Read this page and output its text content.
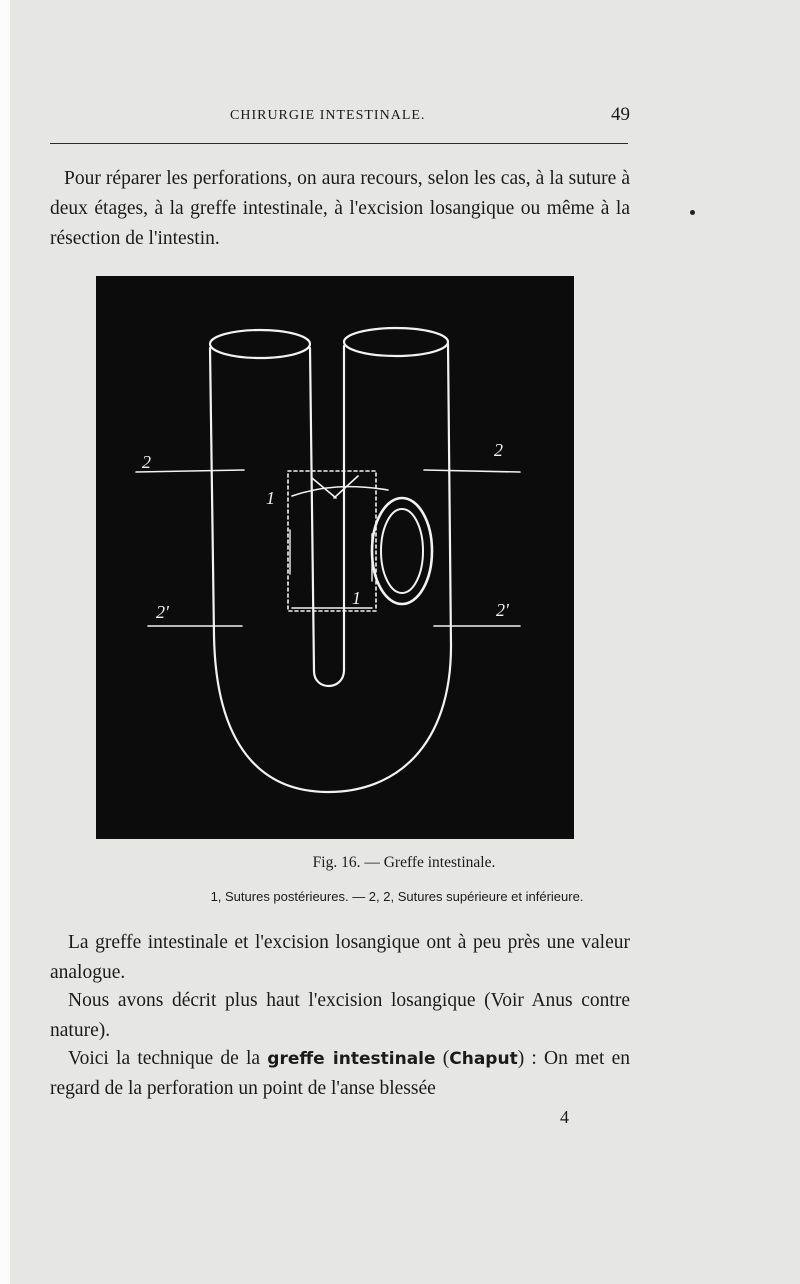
CHIRURGIE INTESTINALE.	49

Pour réparer les perforations, on aura recours, selon les cas, à la suture à deux étages, à la greffe intestinale, à l'excision losangique ou même à la résection de l'intestin.

2
2
2'	2'
1
1
Fig. 16. — Greffe intestinale.
1, Sutures postérieures. — 2, 2, Sutures supérieure et inférieure.

La greffe intestinale et l'excision losangique ont à peu près une valeur analogue.

Nous avons décrit plus haut l'excision losangique (Voir Anus contre nature).

Voici la technique de la greffe intestinale (Chaput) : On met en regard de la perforation un point de l'anse blessée

4
